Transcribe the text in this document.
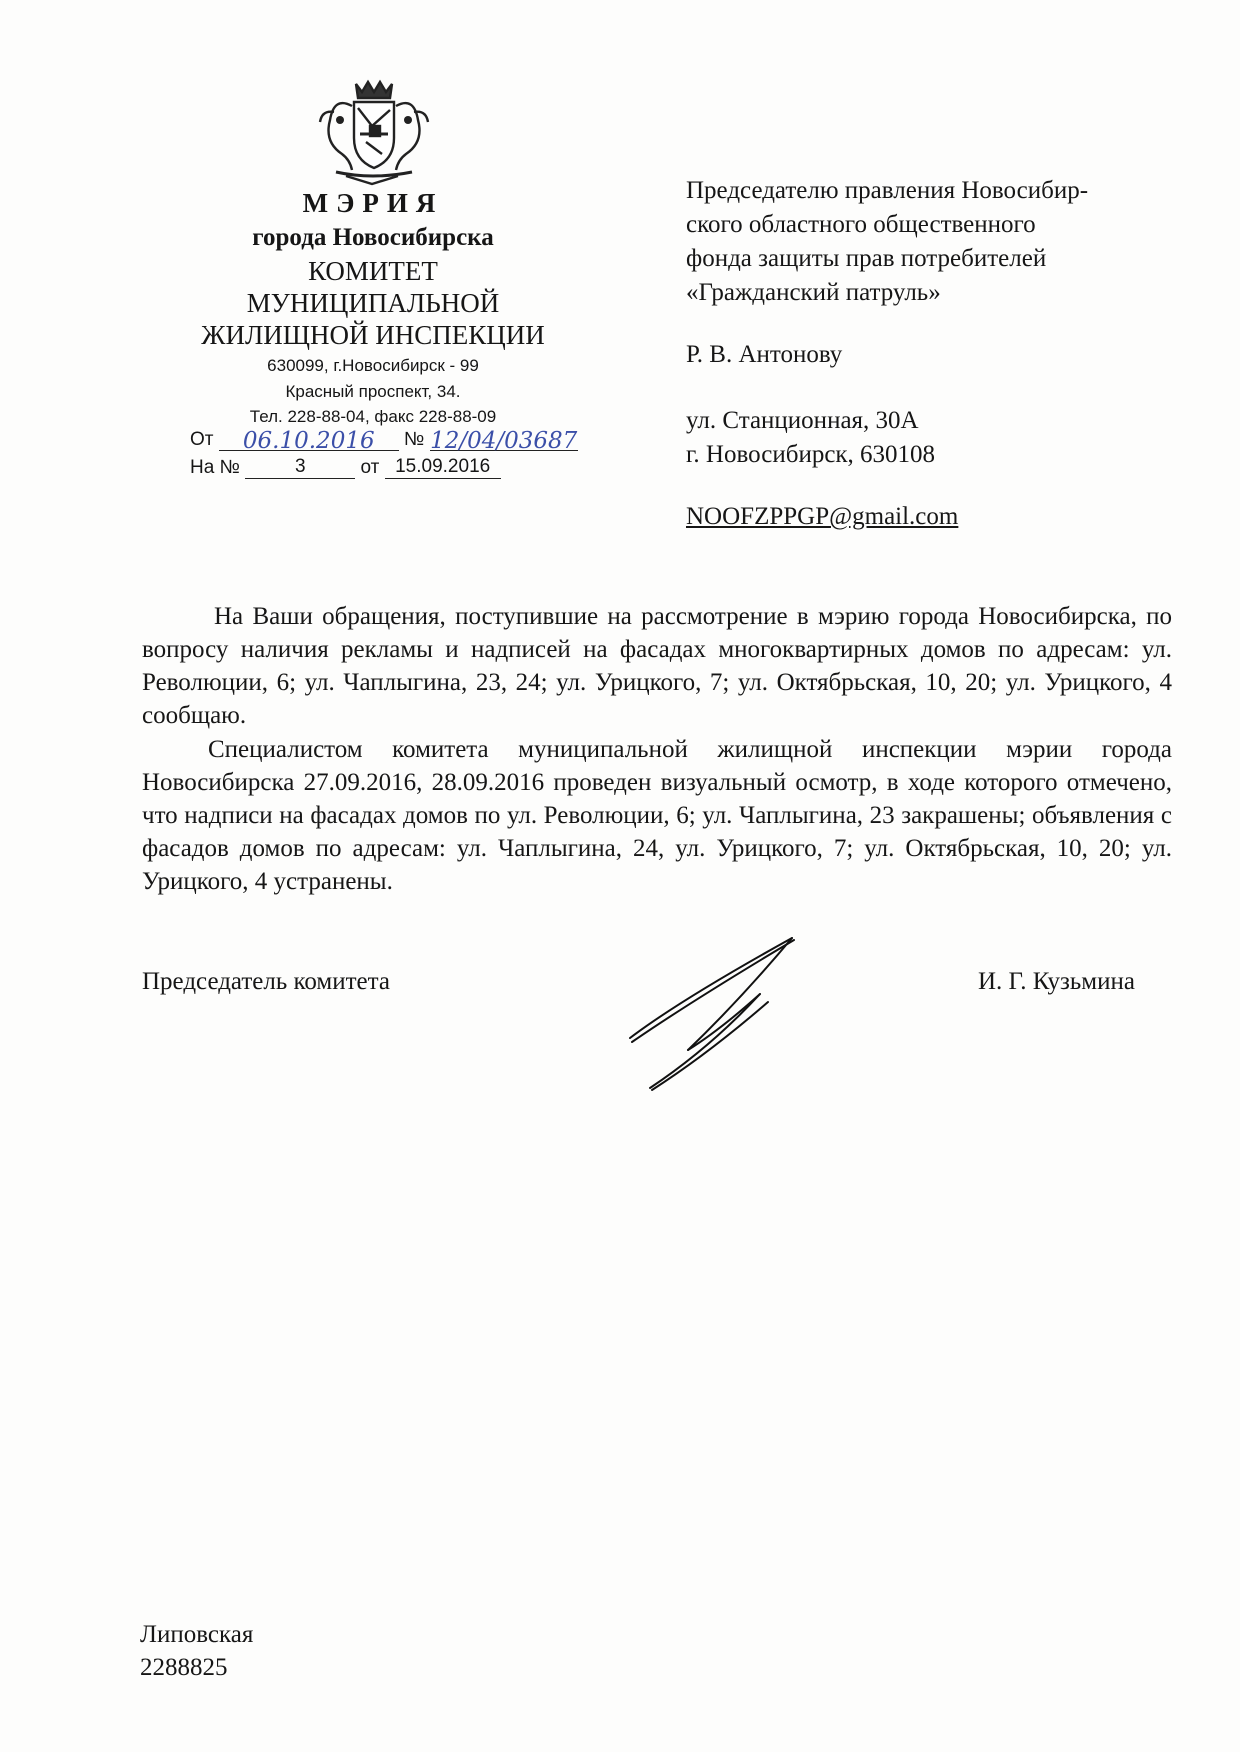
МЭРИЯ
города Новосибирска
КОМИТЕТ
МУНИЦИПАЛЬНОЙ
ЖИЛИЩНОЙ ИНСПЕКЦИИ
630099, г.Новосибирск - 99
Красный проспект, 34.
Тел. 228-88-04, факс 228-88-09
От 06.10.2016 № 12/04/03687
На №	3	от 15.09.2016
Председателю правления Новосибир-
ского областного общественного
фонда защиты прав потребителей
«Гражданский патруль»
Р. В. Антонову
ул. Станционная, 30А
г. Новосибирск, 630108
NOOFZPPGP@gmail.com

На Ваши обращения, поступившие на рассмотрение в мэрию города Новосибирска, по вопросу наличия рекламы и надписей на фасадах многоквартирных домов по адресам: ул. Революции, 6; ул. Чаплыгина, 23, 24; ул. Урицкого, 7; ул. Октябрьская, 10, 20; ул. Урицкого, 4 сообщаю.

Специалистом комитета муниципальной жилищной инспекции мэрии города Новосибирска 27.09.2016, 28.09.2016 проведен визуальный осмотр, в ходе которого отмечено, что надписи на фасадах домов по ул. Революции, 6; ул. Чаплыгина, 23 закрашены; объявления с фасадов домов по адресам: ул. Чаплыгина, 24, ул. Урицкого, 7; ул. Октябрьская, 10, 20; ул. Урицкого, 4 устранены.

Председатель комитета	И. Г. Кузьмина
Липовская
2288825
